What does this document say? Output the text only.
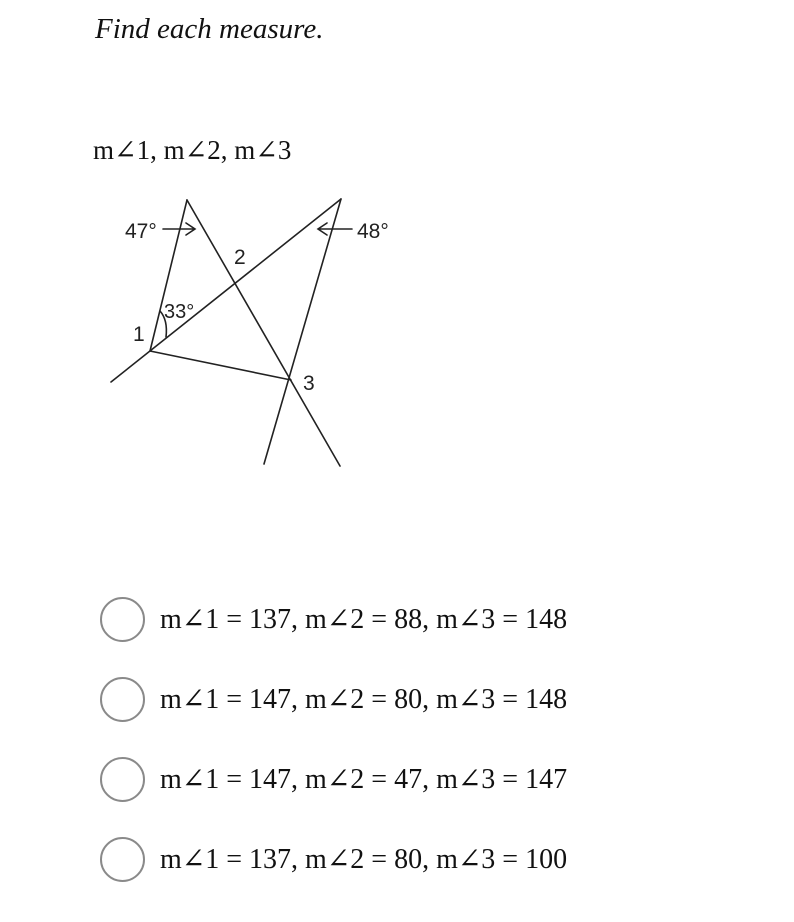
Find each measure.
m∠1, m∠2, m∠3
47°	48°
33°
1
2
3
m∠1 = 137, m∠2 = 88, m∠3 = 148
m∠1 = 147, m∠2 = 80, m∠3 = 148
m∠1 = 147, m∠2 = 47, m∠3 = 147
m∠1 = 137, m∠2 = 80, m∠3 = 100
